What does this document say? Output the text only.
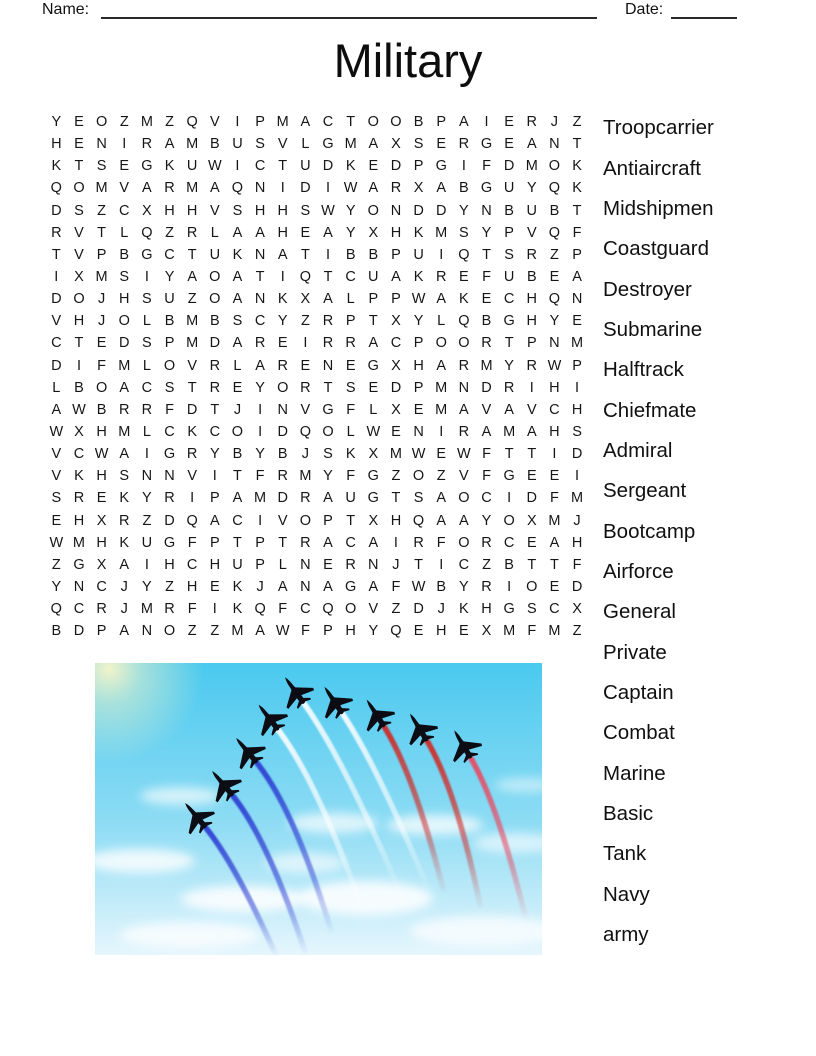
Name:	Date:
Military
Y E O Z M Z Q V	I	P M A C T O O B P A	I	E R J	Z
H E N	I	R A M B U S V L G M A X S E R G E A N T
K T S E G K U W I	C T U D K E D P G	I	F D M O K
Q O M V A R M A Q N	I	D	I W A R X A B G U Y Q K
D S Z C X H H V S H H S W Y O N D D Y N B U B T
R V T L Q Z R L A A H E A Y X H K M S Y P V Q F
T V P B G C T U K N A T	I	B B P U	I	Q T S R Z P
I	X M S	I	Y A O A T	I	Q T C U A K R E F U B E A
D O J H S U Z O A N K X A L P P W A K E C H Q N
V H J O L B M B S C Y Z R P T X Y L Q B G H Y E
C T E D S P M D A R E	I	R R A C P O O R T P N M
D	I	F M L O V R L A R E N E G X H A R M Y R W P
L B O A C S T R E Y O R T S E D P M N D R	I	H	I
A W B R R F D T	J	I	N V G F L X E M A V A V C H
W X H M L C K C O	I	D Q O L W E N	I	R A M A H S
V C W A	I	G R Y B Y B J S K X M W E W F T T	I	D
V K H S N N V	I	T F R M Y F G Z O Z V F G E E	I
S R E K Y R	I	P A M D R A U G T S A O C	I	D F M
E H X R Z D Q A C	I	V O P T X H Q A A Y O X M J
W M H K U G F P T P T R A C A	I	R F O R C E A H
Z G X A	I	H C H U P L N E R N J	T	I	C Z B T T F
Y N C J Y Z H E K J A N A G A F W B Y R	I	O E D
Q C R J M R F	I	K Q F C Q O V Z D J K H G S C X
B D P A N O Z Z M A W F P H Y Q E H E X M F M Z
Troopcarrier
Antiaircraft
Midshipmen
Coastguard
Destroyer
Submarine
Halftrack
Chiefmate
Admiral
Sergeant
Bootcamp
Airforce
General
Private
Captain
Combat
Marine
Basic
Tank
Navy
army
